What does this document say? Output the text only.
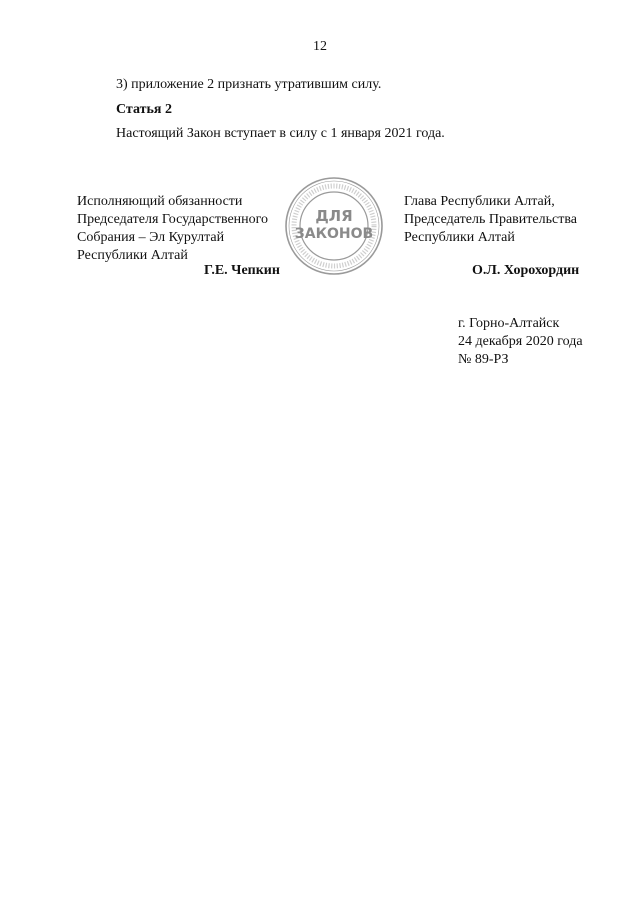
12
3) приложение 2 признать утратившим силу.
Статья 2
Настоящий Закон вступает в силу с 1 января 2021 года.
Исполняющий обязанности
Председателя Государственного
Собрания – Эл Курултай
Республики Алтай
Глава Республики Алтай,
Председатель Правительства
Республики Алтай
Г.Е. Чепкин	О.Л. Хорохордин
ДЛЯ
ЗАКОНОВ
г. Горно-Алтайск
24 декабря 2020 года
№ 89-РЗ
